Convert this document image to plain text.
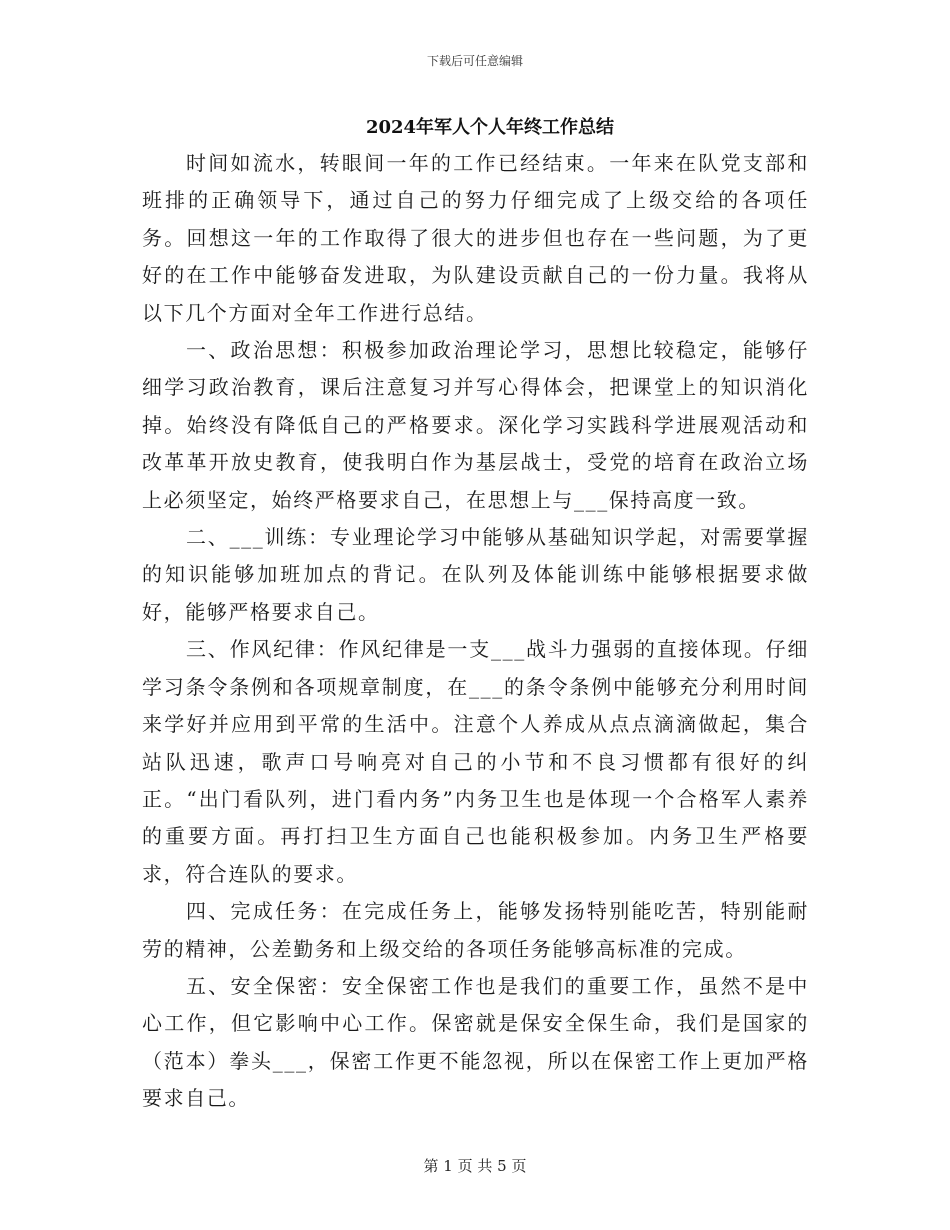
下载后可任意编辑
2024年军人个人年终工作总结

时间如流水，转眼间一年的工作已经结束。一年来在队党支部和班排的正确领导下，通过自己的努力仔细完成了上级交给的各项任务。回想这一年的工作取得了很大的进步但也存在一些问题，为了更好的在工作中能够奋发进取，为队建设贡献自己的一份力量。我将从以下几个方面对全年工作进行总结。

一、政治思想：积极参加政治理论学习，思想比较稳定，能够仔细学习政治教育，课后注意复习并写心得体会，把课堂上的知识消化掉。始终没有降低自己的严格要求。深化学习实践科学进展观活动和改革革开放史教育，使我明白作为基层战士，受党的培育在政治立场上必须坚定，始终严格要求自己，在思想上与___保持高度一致。

二、___训练：专业理论学习中能够从基础知识学起，对需要掌握的知识能够加班加点的背记。在队列及体能训练中能够根据要求做好，能够严格要求自己。

三、作风纪律：作风纪律是一支___战斗力强弱的直接体现。仔细学习条令条例和各项规章制度，在___的条令条例中能够充分利用时间来学好并应用到平常的生活中。注意个人养成从点点滴滴做起，集合站队迅速，歌声口号响亮对自己的小节和不良习惯都有很好的纠正。“出门看队列，进门看内务”内务卫生也是体现一个合格军人素养的重要方面。再打扫卫生方面自己也能积极参加。内务卫生严格要求，符合连队的要求。

四、完成任务：在完成任务上，能够发扬特别能吃苦，特别能耐劳的精神，公差勤务和上级交给的各项任务能够高标准的完成。

五、安全保密：安全保密工作也是我们的重要工作，虽然不是中心工作，但它影响中心工作。保密就是保安全保生命，我们是国家的（范本）拳头___，保密工作更不能忽视，所以在保密工作上更加严格要求自己。

第 1 页 共 5 页
